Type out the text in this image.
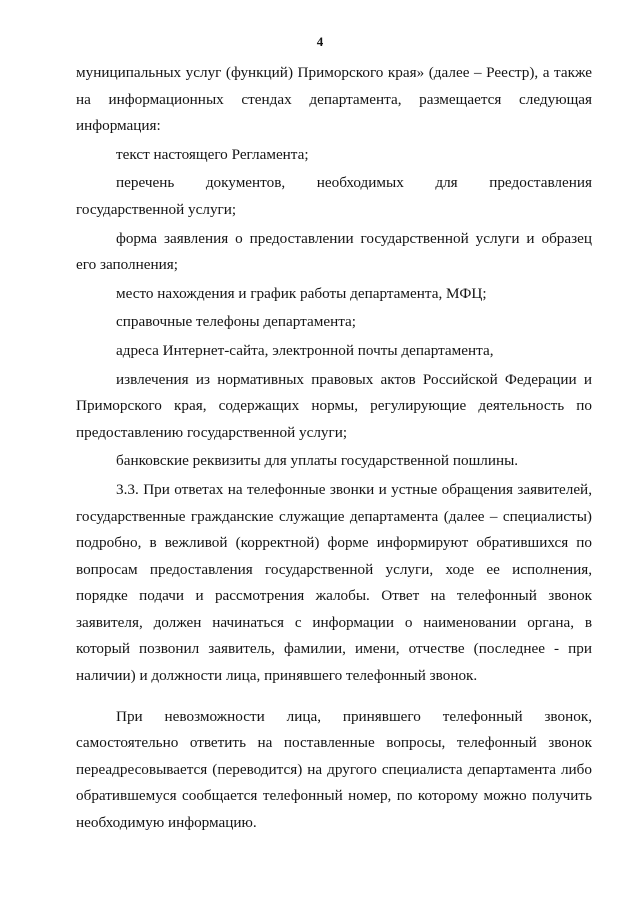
4

муниципальных услуг (функций) Приморского края» (далее – Реестр), а также на информационных стендах департамента, размещается следующая информация:

текст настоящего Регламента;

перечень документов, необходимых для предоставления государственной услуги;

форма заявления о предоставлении государственной услуги и образец его заполнения;

место нахождения и график работы департамента, МФЦ;

справочные телефоны департамента;

адреса Интернет-сайта, электронной почты департамента,

извлечения из нормативных правовых актов Российской Федерации и Приморского края, содержащих нормы, регулирующие деятельность по предоставлению государственной услуги;

банковские реквизиты для уплаты государственной пошлины.

3.3. При ответах на телефонные звонки и устные обращения заявителей, государственные гражданские служащие департамента (далее – специалисты) подробно, в вежливой (корректной) форме информируют обратившихся по вопросам предоставления государственной услуги, ходе ее исполнения, порядке подачи и рассмотрения жалобы. Ответ на телефонный звонок заявителя, должен начинаться с информации о наименовании органа, в который позвонил заявитель, фамилии, имени, отчестве (последнее - при наличии) и должности лица, принявшего телефонный звонок.

При невозможности лица, принявшего телефонный звонок, самостоятельно ответить на поставленные вопросы, телефонный звонок переадресовывается (переводится) на другого специалиста департамента либо обратившемуся сообщается телефонный номер, по которому можно получить необходимую информацию.
